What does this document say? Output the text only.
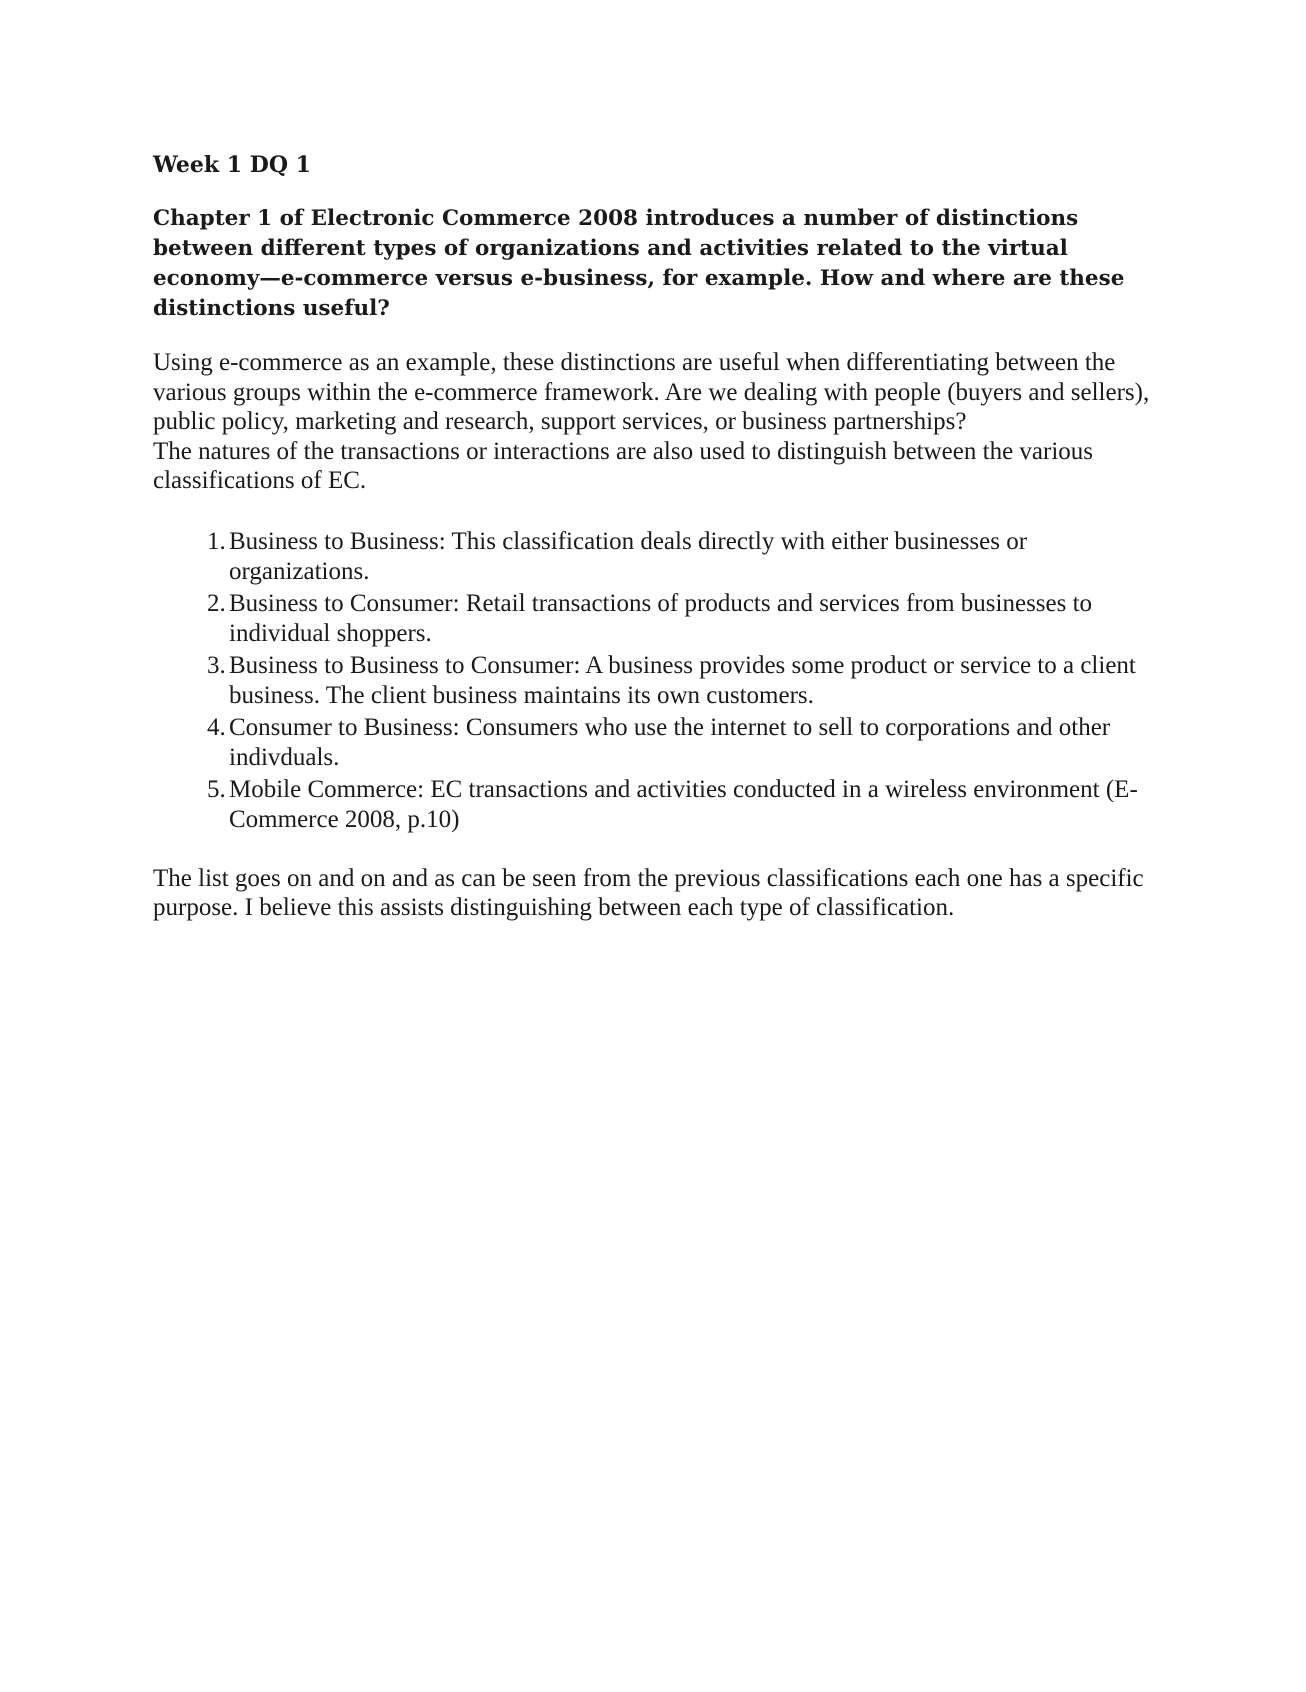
Week 1 DQ 1

Chapter 1 of Electronic Commerce 2008 introduces a number of distinctions between different types of organizations and activities related to the virtual economy—e-commerce versus e-business, for example. How and where are these distinctions useful?

Using e-commerce as an example, these distinctions are useful when differentiating between the various groups within the e-commerce framework. Are we dealing with people (buyers and sellers), public policy, marketing and research, support services, or business partnerships?

The natures of the transactions or interactions are also used to distinguish between the various classifications of EC.

1. Business to Business: This classification deals directly with either businesses or organizations.
2. Business to Consumer: Retail transactions of products and services from businesses to individual shoppers.
3. Business to Business to Consumer: A business provides some product or service to a client business. The client business maintains its own customers.
4. Consumer to Business: Consumers who use the internet to sell to corporations and other indivduals.
5. Mobile Commerce: EC transactions and activities conducted in a wireless environment (E-Commerce 2008, p.10)

The list goes on and on and as can be seen from the previous classifications each one has a specific purpose. I believe this assists distinguishing between each type of classification.
